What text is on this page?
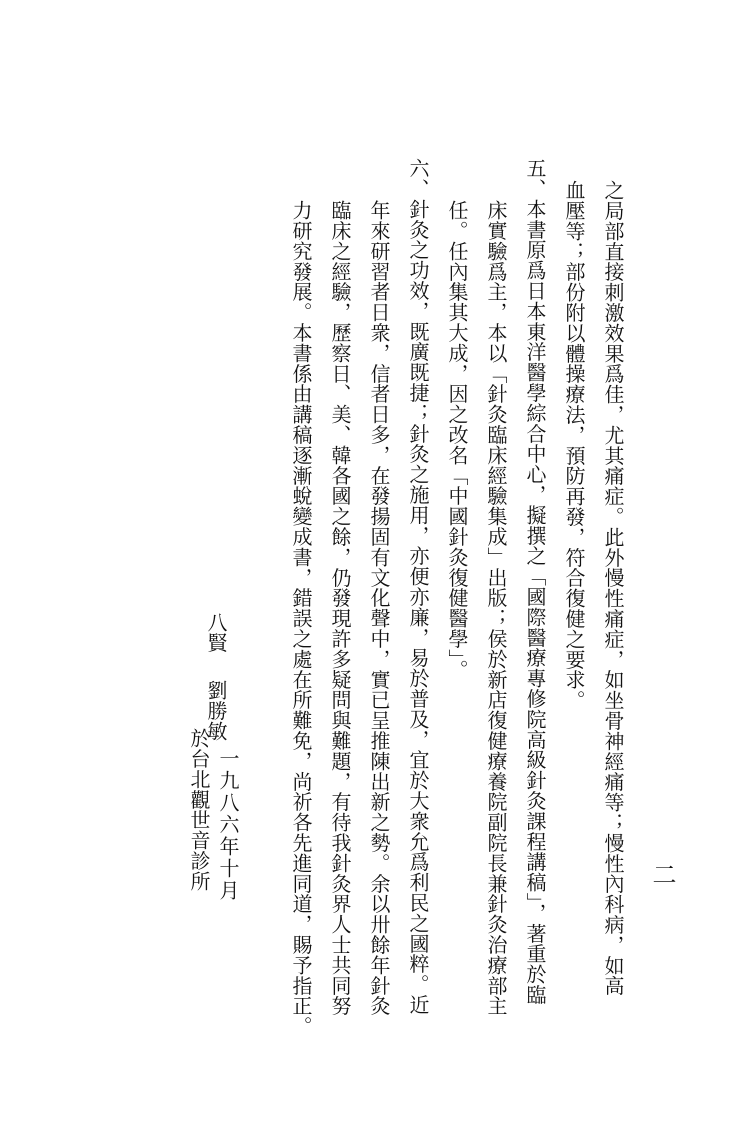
二
之局部直接刺激效果爲佳，尤其痛症。此外慢性痛症，如坐骨神經痛等；慢性內科病，如高
血壓等；部份附以體操療法，預防再發，符合復健之要求。
五、本書原爲日本東洋醫學綜合中心，擬撰之「國際醫療專修院高級針灸課程講稿」，著重於臨
床實驗爲主，本以「針灸臨床經驗集成」出版；侯於新店復健療養院副院長兼針灸治療部主
任。任內集其大成，因之改名「中國針灸復健醫學」。
六、針灸之功效，既廣既捷；針灸之施用，亦便亦廉，易於普及，宜於大衆允爲利民之國粹。近
年來研習者日衆，信者日多，在發揚固有文化聲中，實已呈推陳出新之勢。余以卅餘年針灸
臨床之經驗，歷察日、美、韓各國之餘，仍發現許多疑問與難題，有待我針灸界人士共同努
力研究發展。本書係由講稿逐漸蛻變成書，錯誤之處在所難免，尚祈各先進同道，賜予指正。
八賢
劉勝敏
一九八六年十月
於台北觀世音診所
